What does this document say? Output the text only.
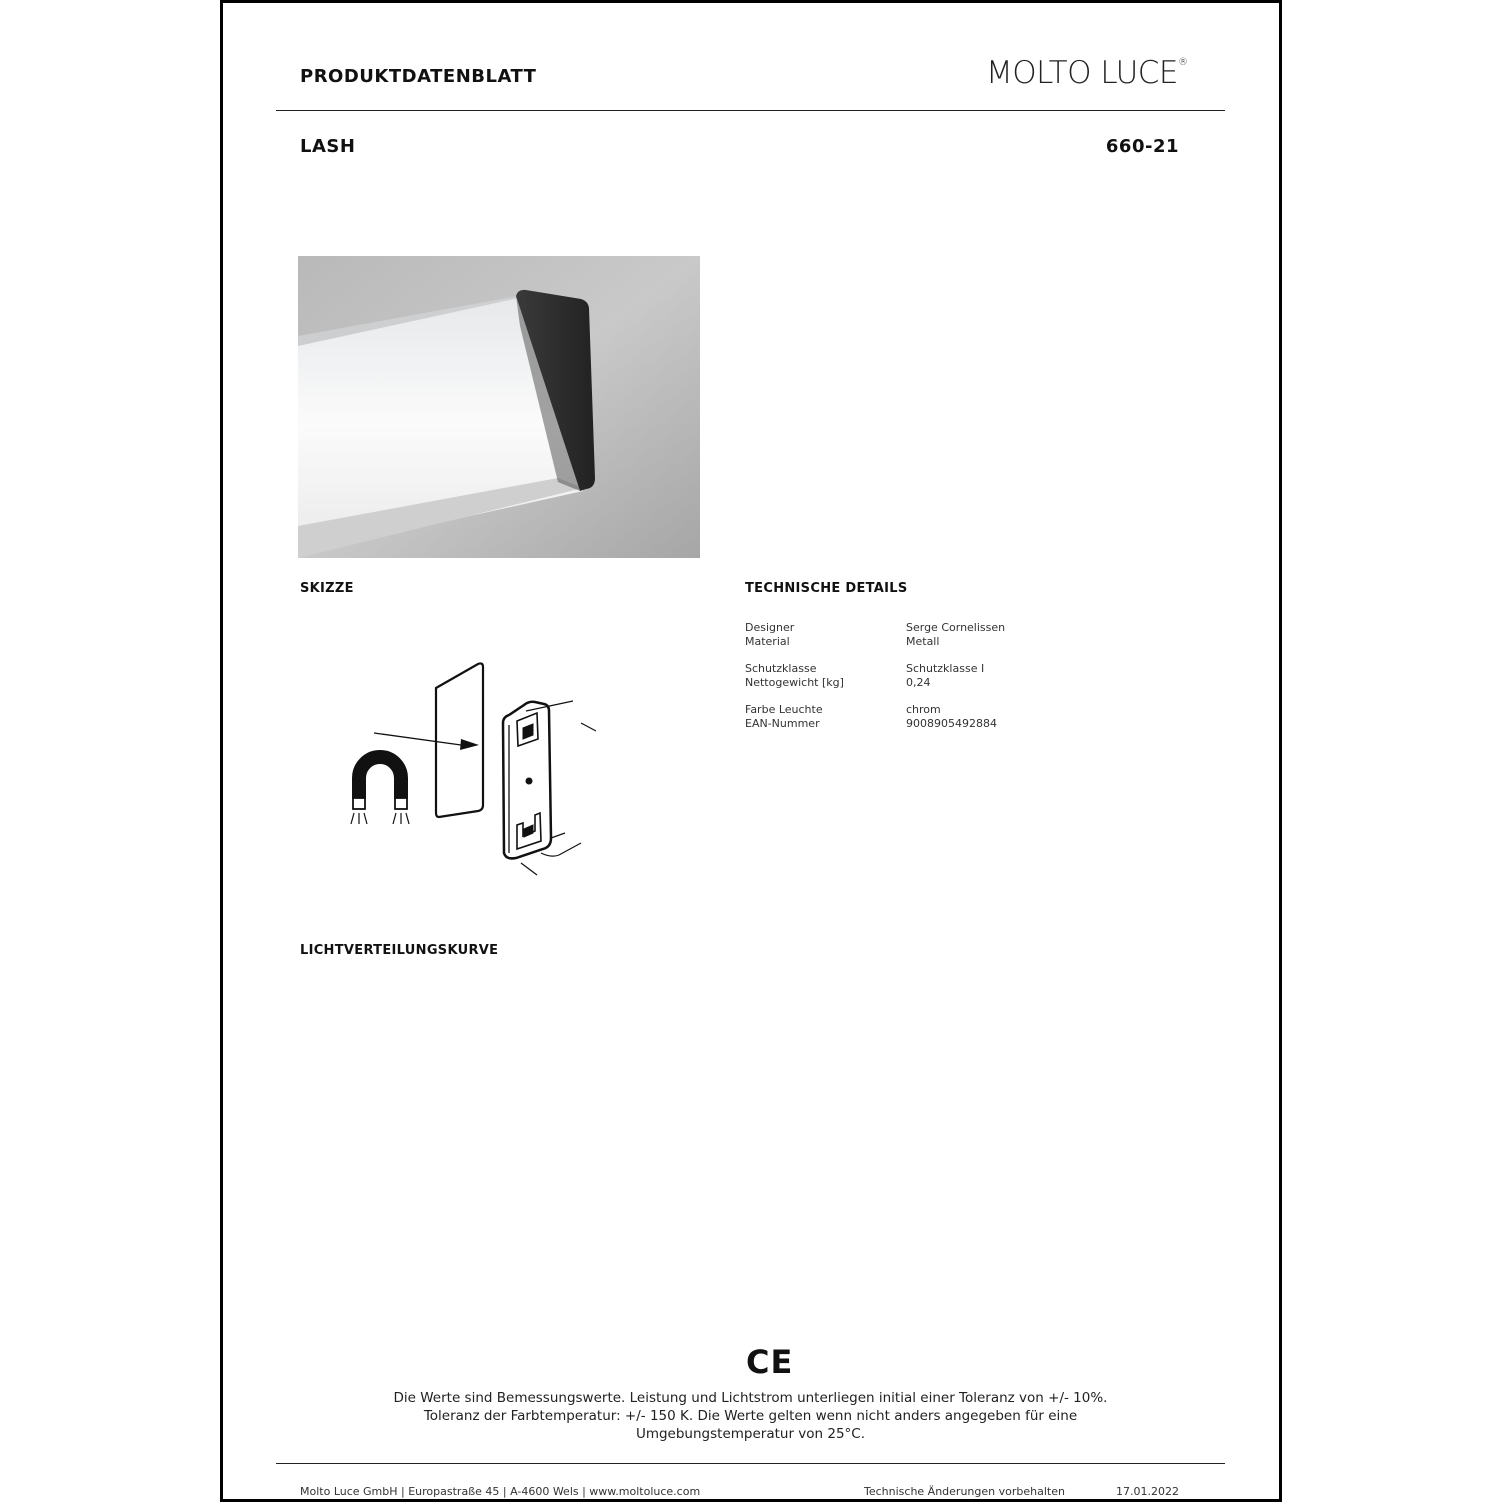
PRODUKTDATENBLATT	MOLTO LUCE®
LASH	660-21
SKIZZE	TECHNISCHE DETAILS
Designer	Serge Cornelissen
Material	Metall
Schutzklasse	Schutzklasse I
Nettogewicht [kg]	0,24
Farbe Leuchte	chrom
EAN-Nummer	9008905492884
LICHTVERTEILUNGSKURVE
CE
Die Werte sind Bemessungswerte. Leistung und Lichtstrom unterliegen initial einer Toleranz von +/- 10%.
Toleranz der Farbtemperatur: +/- 150 K. Die Werte gelten wenn nicht anders angegeben für eine
Umgebungstemperatur von 25°C.
Molto Luce GmbH | Europastraße 45 | A-4600 Wels | www.moltoluce.com	Technische Änderungen vorbehalten	17.01.2022
